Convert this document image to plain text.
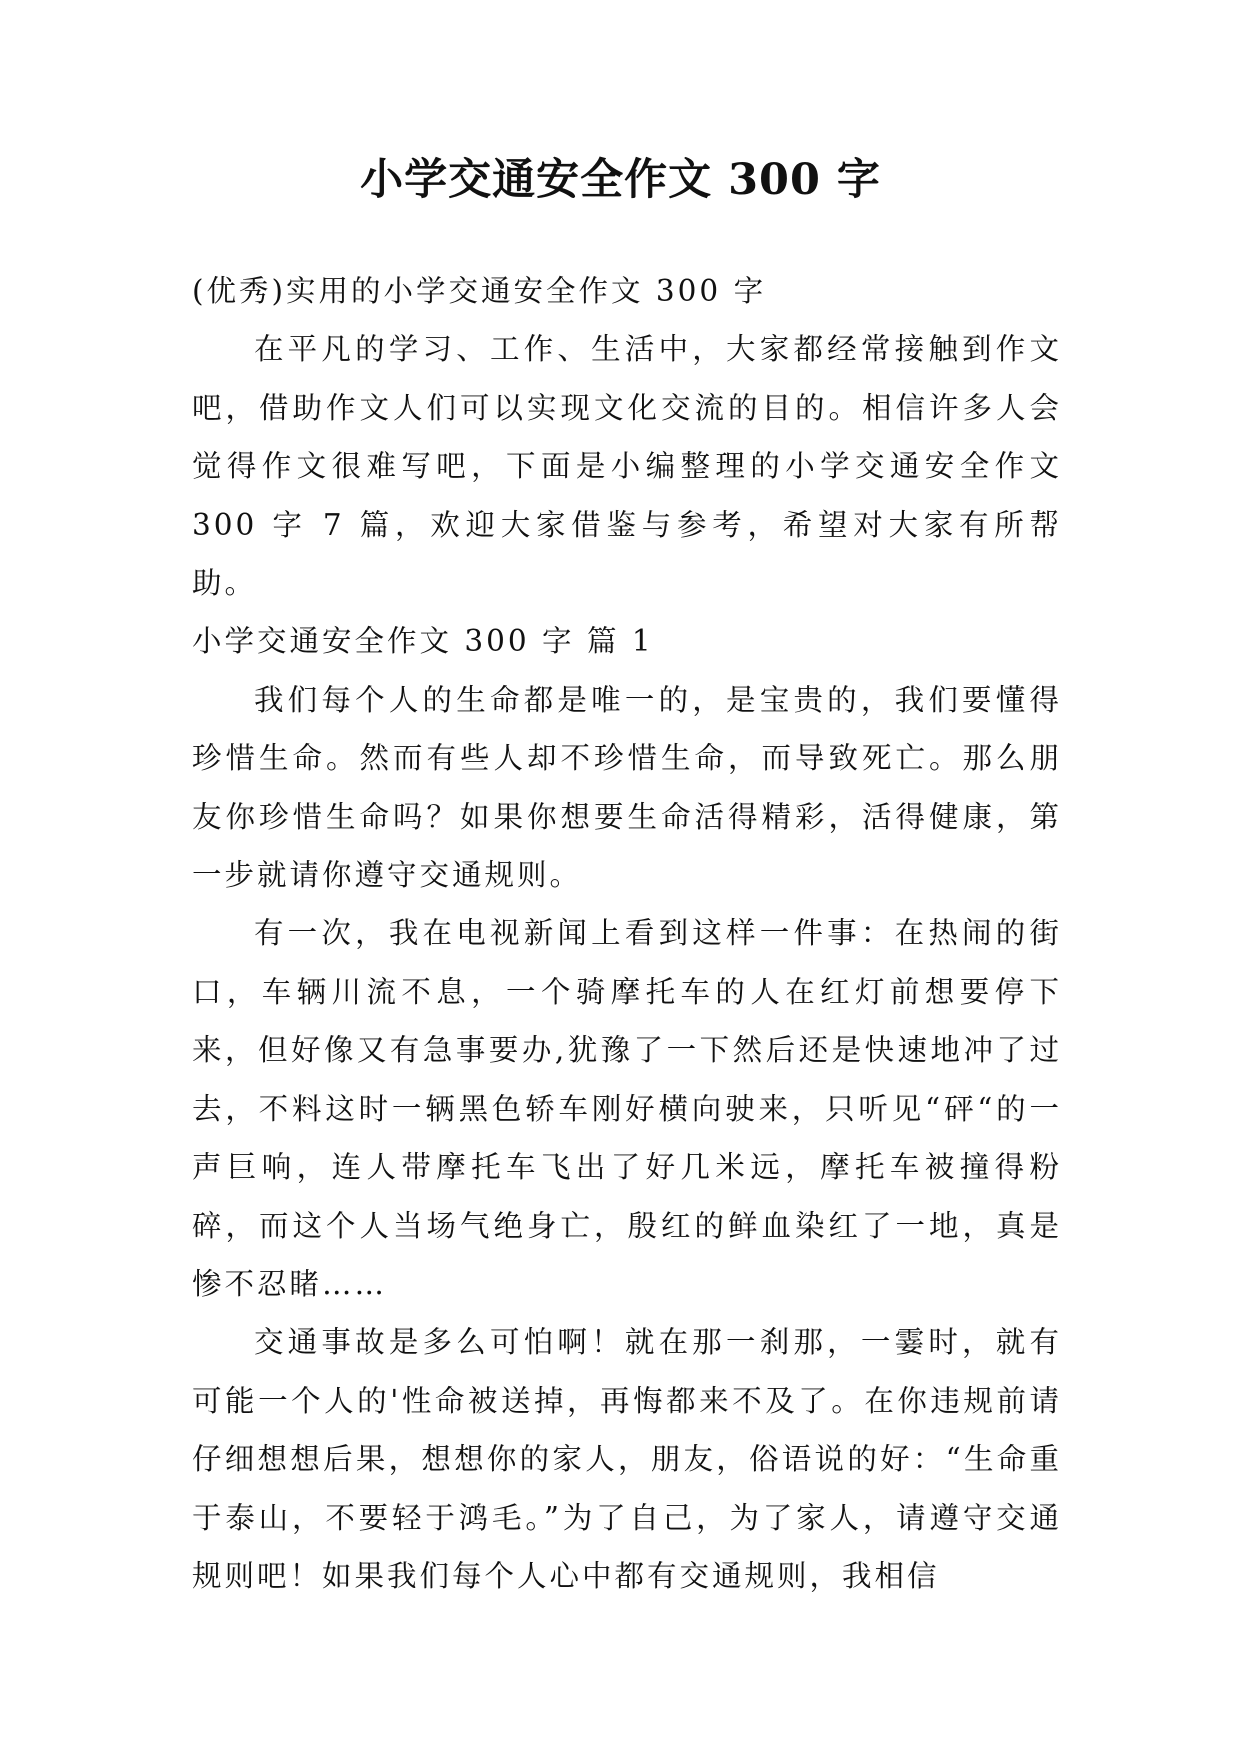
小学交通安全作文 300 字

(优秀)实用的小学交通安全作文 300 字

在平凡的学习、工作、生活中，大家都经常接触到作文吧，借助作文人们可以实现文化交流的目的。相信许多人会觉得作文很难写吧，下面是小编整理的小学交通安全作文 300 字 7 篇，欢迎大家借鉴与参考，希望对大家有所帮助。

小学交通安全作文 300 字 篇 1

我们每个人的生命都是唯一的，是宝贵的，我们要懂得珍惜生命。然而有些人却不珍惜生命，而导致死亡。那么朋友你珍惜生命吗？如果你想要生命活得精彩，活得健康，第一步就请你遵守交通规则。

有一次，我在电视新闻上看到这样一件事：在热闹的街口，车辆川流不息，一个骑摩托车的人在红灯前想要停下来，但好像又有急事要办,犹豫了一下然后还是快速地冲了过去，不料这时一辆黑色轿车刚好横向驶来，只听见“砰“的一声巨响，连人带摩托车飞出了好几米远，摩托车被撞得粉碎，而这个人当场气绝身亡，殷红的鲜血染红了一地，真是惨不忍睹……

交通事故是多么可怕啊！就在那一刹那，一霎时，就有可能一个人的'性命被送掉，再悔都来不及了。在你违规前请仔细想想后果，想想你的家人，朋友，俗语说的好：“生命重于泰山，不要轻于鸿毛。”为了自己，为了家人，请遵守交通规则吧！如果我们每个人心中都有交通规则，我相信
